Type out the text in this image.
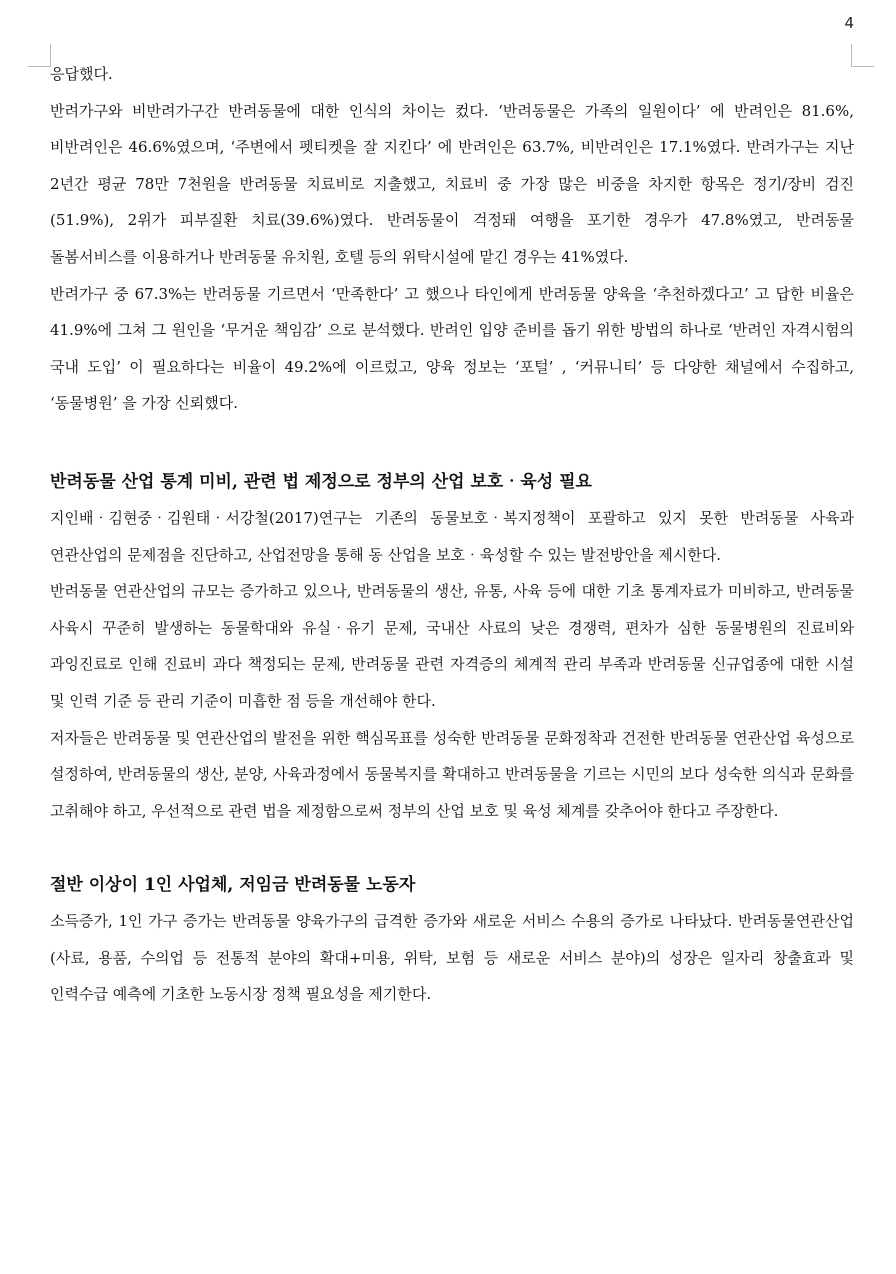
4

응답했다.

반려가구와 비반려가구간 반려동물에 대한 인식의 차이는 컸다. ‘반려동물은 가족의 일원이다’ 에 반려인은 81.6%, 비반려인은 46.6%였으며, ‘주변에서 펫티켓을 잘 지킨다’ 에 반려인은 63.7%, 비반려인은 17.1%였다. 반려가구는 지난 2년간 평균 78만 7천원을 반려동물 치료비로 지출했고, 치료비 중 가장 많은 비중을 차지한 항목은 정기/장비 검진(51.9%), 2위가 피부질환 치료(39.6%)였다. 반려동물이 걱정돼 여행을 포기한 경우가 47.8%였고, 반려동물 돌봄서비스를 이용하거나 반려동물 유치원, 호텔 등의 위탁시설에 맡긴 경우는 41%였다.

반려가구 중 67.3%는 반려동물 기르면서 ‘만족한다’ 고 했으나 타인에게 반려동물 양육을 ‘추천하겠다고’ 고 답한 비율은 41.9%에 그쳐 그 원인을 ‘무거운 책임감’ 으로 분석했다. 반려인 입양 준비를 돕기 위한 방법의 하나로 ‘반려인 자격시험의 국내 도입’ 이 필요하다는 비율이 49.2%에 이르렀고, 양육 정보는 ‘포털’ , ‘커뮤니티’ 등 다양한 채널에서 수집하고, ‘동물병원’ 을 가장 신뢰했다.

반려동물 산업 통계 미비, 관련 법 제정으로 정부의 산업 보호‧육성 필요

지인배‧김현중‧김원태‧서강철(2017)연구는 기존의 동물보호‧복지정책이 포괄하고 있지 못한 반려동물 사육과 연관산업의 문제점을 진단하고, 산업전망을 통해 동 산업을 보호‧육성할 수 있는 발전방안을 제시한다.

반려동물 연관산업의 규모는 증가하고 있으나, 반려동물의 생산, 유통, 사육 등에 대한 기초 통계자료가 미비하고, 반려동물 사육시 꾸준히 발생하는 동물학대와 유실‧유기 문제, 국내산 사료의 낮은 경쟁력, 편차가 심한 동물병원의 진료비와 과잉진료로 인해 진료비 과다 책정되는 문제, 반려동물 관련 자격증의 체계적 관리 부족과 반려동물 신규업종에 대한 시설 및 인력 기준 등 관리 기준이 미흡한 점 등을 개선해야 한다.

저자들은 반려동물 및 연관산업의 발전을 위한 핵심목표를 성숙한 반려동물 문화정착과 건전한 반려동물 연관산업 육성으로 설정하여, 반려동물의 생산, 분양, 사육과정에서 동물복지를 확대하고 반려동물을 기르는 시민의 보다 성숙한 의식과 문화를 고취해야 하고, 우선적으로 관련 법을 제정함으로써 정부의 산업 보호 및 육성 체계를 갖추어야 한다고 주장한다.

절반 이상이 1인 사업체, 저임금 반려동물 노동자

소득증가, 1인 가구 증가는 반려동물 양육가구의 급격한 증가와 새로운 서비스 수용의 증가로 나타났다. 반려동물연관산업(사료, 용품, 수의업 등 전통적 분야의 확대+미용, 위탁, 보험 등 새로운 서비스 분야)의 성장은 일자리 창출효과 및 인력수급 예측에 기초한 노동시장 정책 필요성을 제기한다.
